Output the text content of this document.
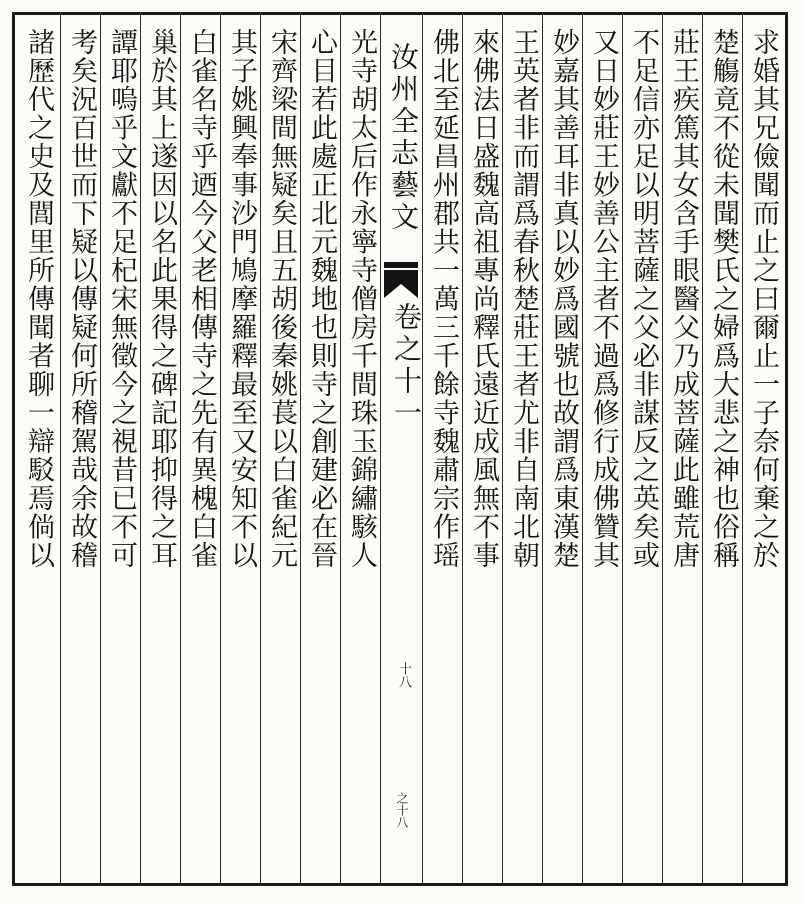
求婚其兄儉聞而止之曰爾止一子奈何棄之於
楚觴竟不從未聞樊氏之婦爲大悲之神也俗稱
莊王疾篤其女含手眼醫父乃成菩薩此雖荒唐
不足信亦足以明菩薩之父必非謀反之英矣或
又日妙莊王妙善公主者不過爲修行成佛贊其
妙嘉其善耳非真以妙爲國號也故謂爲東漢楚
王英者非而謂爲春秋楚莊王者尤非自南北朝
來佛法日盛魏高祖專尚釋氏遠近成風無不事
佛北至延昌州郡共一萬三千餘寺魏肅宗作瑶
汝州全志藝文
卷之十一
十八
之十八
光寺胡太后作永寧寺僧房千間珠玉錦繡駭人
心目若此處正北元魏地也則寺之創建必在晉
宋齊梁間無疑矣且五胡後秦姚萇以白雀紀元
其子姚興奉事沙門鳩摩羅釋最至又安知不以
白雀名寺乎迺今父老相傳寺之先有異槐白雀
巢於其上遂因以名此果得之碑記耶抑得之耳
譚耶嗚乎文獻不足杞宋無徵今之視昔已不可
考矣況百世而下疑以傳疑何所稽駕哉余故稽
諸歷代之史及閭里所傳聞者聊一辯駁焉倘以
